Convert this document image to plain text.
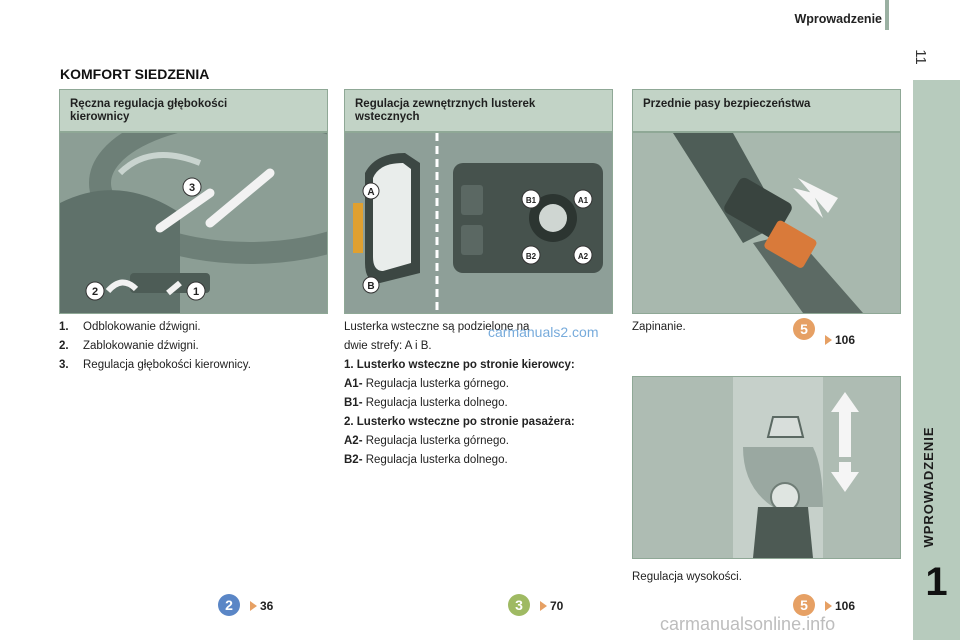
Wprowadzenie
11
WPROWADZENIE
1
KOMFORT SIEDZENIA
Ręczna regulacja głębokości
kierownicy
3
2	1

1. Odblokowanie dźwigni.

2. Zablokowanie dźwigni.

3. Regulacja głębokości kierownicy.

2	36
Regulacja zewnętrznych lusterek
wstecznych
A
B
B1	A1
B2	A2

Lusterka wsteczne są podzielone na

dwie strefy: A i B.

1. Lusterko wsteczne po stronie kierowcy:

A1- Regulacja lusterka górnego.

B1- Regulacja lusterka dolnego.

2. Lusterko wsteczne po stronie pasażera:

A2- Regulacja lusterka górnego.

B2- Regulacja lusterka dolnego.

carmanuals2.com
3	70
Przednie pasy bezpieczeństwa
Zapinanie.	5
106
Regulacja wysokości.
5	106
carmanualsonline.info
